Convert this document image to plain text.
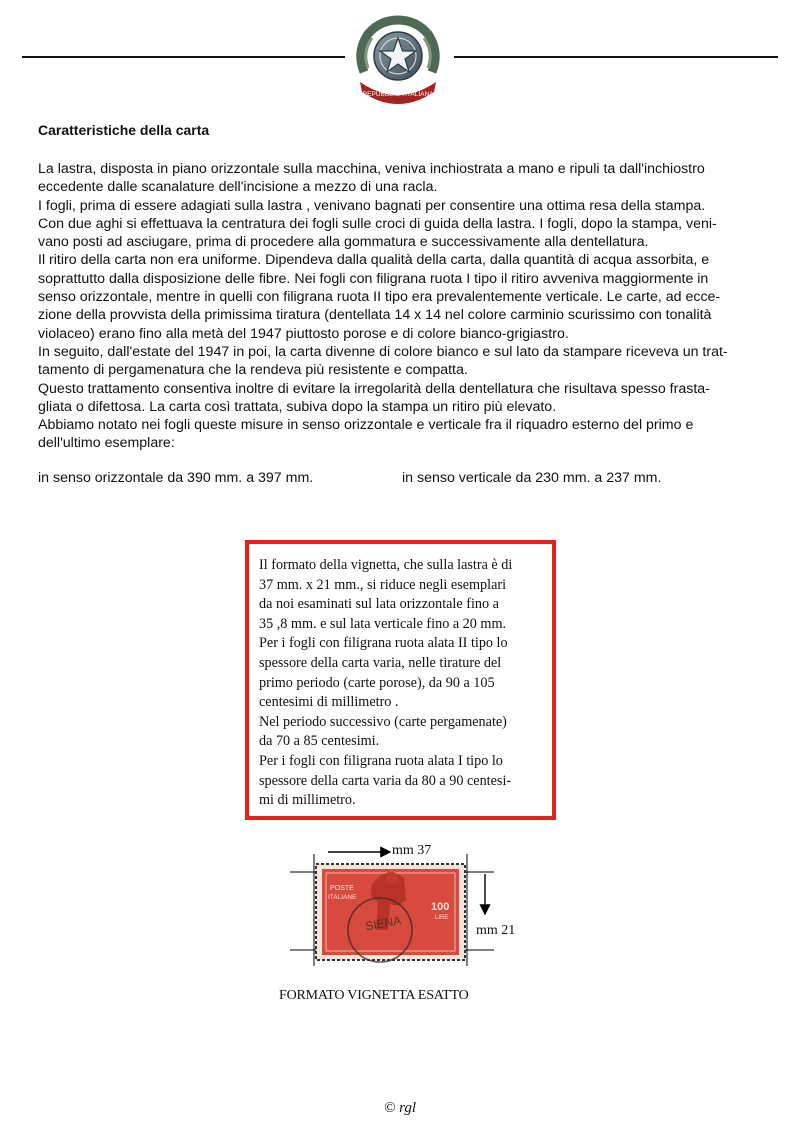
REPUBBLICA ITALIANA
Caratteristiche della carta
La lastra, disposta in piano orizzontale sulla macchina, veniva inchiostrata a mano e ripuli ta dall'inchiostro
eccedente dalle scanalature dell'incisione a mezzo di una racla.
I fogli, prima di essere adagiati sulla lastra , venivano bagnati per consentire una ottima resa della stampa.
Con due aghi si effettuava la centratura dei fogli sulle croci di guida della lastra. I fogli, dopo la stampa, veni-
vano posti ad asciugare, prima di procedere alla gommatura e successivamente alla dentellatura.
Il ritiro della carta non era uniforme. Dipendeva dalla qualità della carta, dalla quantità di acqua assorbita, e
soprattutto dalla disposizione delle fibre. Nei fogli con filigrana ruota I tipo il ritiro avveniva maggiormente in
senso orizzontale, mentre in quelli con filigrana ruota II tipo era prevalentemente verticale. Le carte, ad ecce-
zione della provvista della primissima tiratura (dentellata 14 x 14 nel colore carminio scurissimo con tonalità
violaceo) erano fino alla metà del 1947 piuttosto porose e di colore bianco-grigiastro.
In seguito, dall'estate del 1947 in poi, la carta divenne di colore bianco e sul lato da stampare riceveva un trat-
tamento di pergamenatura che la rendeva più resistente e compatta.
Questo trattamento consentiva inoltre di evitare la irregolarità della dentellatura che risultava spesso frasta-
gliata o difettosa. La carta così trattata, subiva dopo la stampa un ritiro più elevato.
Abbiamo notato nei fogli queste misure in senso orizzontale e verticale fra il riquadro esterno del primo e
dell'ultimo esemplare:
in senso orizzontale da 390 mm. a 397 mm.	in senso verticale da 230 mm. a 237 mm.
Il formato della vignetta, che sulla lastra è di
37 mm. x 21 mm., si riduce negli esemplari
da noi esaminati sul lata orizzontale fino a
35 ,8 mm. e sul lata verticale fino a 20 mm.
Per i fogli con filigrana ruota alata II tipo lo
spessore della carta varia, nelle tirature del
primo periodo (carte porose), da 90 a 105
centesimi di millimetro .
Nel periodo successivo (carte pergamenate)
da 70 a 85 centesimi.
Per i fogli con filigrana ruota alata I tipo lo
spessore della carta varia da 80 a 90 centesi-
mi di millimetro.
POSTE
ITALIANE
100
LIRE
SIENA
mm 37
mm 21

FORMATO VIGNETTA ESATTO

© rgl
